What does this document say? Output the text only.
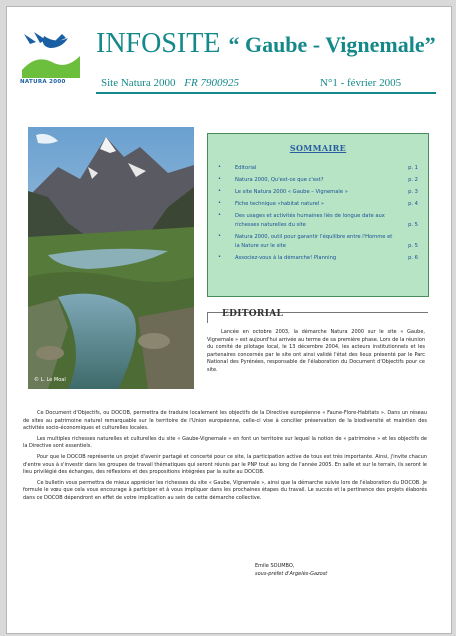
NATURA 2000
INFOSITE “ Gaube - Vignemale”
Site Natura 2000 FR 7900925	N°1 - février 2005
© L. Le Moal
SOMMAIRE
•	Editorial	p. 1
•	Natura 2000, Qu'est-ce que c'est?	p. 2
•	Le site Natura 2000 « Gaube – Vignemale »	p. 3
•	Fiche technique «habitat naturel »	p. 4
•	Des usages et activités humaines liés de longue date aux richesses naturelles du site	p. 5
•	Natura 2000, outil pour garantir l'équilibre entre l'Homme et la Nature sur le site	p. 5
•	Associez-vous à la démarche! Planning	p. 6
EDITORIAL

Lancée en octobre 2003, la démarche Natura 2000 sur le site « Gaube, Vignemale » est aujourd'hui arrivée au terme de sa première phase. Lors de la réunion du comité de pilotage local, le 13 décembre 2004, les acteurs institutionnels et les partenaires concernés par le site ont ainsi validé l'état des lieux présenté par le Parc National des Pyrénées, responsable de l'élaboration du Document d'Objectifs pour ce site.

Ce Document d'Objectifs, ou DOCOB, permettra de traduire localement les objectifs de la Directive européenne « Faune-Flore-Habitats ». Dans un réseau de sites au patrimoine naturel remarquable sur le territoire de l'Union européenne, celle-ci vise à concilier préservation de la biodiversité et maintien des activités socio-économiques et culturelles locales.

Les multiples richesses naturelles et culturelles du site « Gaube-Vignemale » en font un territoire sur lequel la notion de « patrimoine » et les objectifs de la Directive sont essentiels.

Pour que le DOCOB représente un projet d'avenir partagé et concerté pour ce site, la participation active de tous est très importante. Ainsi, j'invite chacun d'entre vous à s'investir dans les groupes de travail thématiques qui seront réunis par le PNP tout au long de l'année 2005. En salle et sur le terrain, ils seront le lieu privilégié des échanges, des réflexions et des propositions intégrées par la suite au DOCOB.

Ce bulletin vous permettra de mieux apprécier les richesses du site « Gaube, Vignemale », ainsi que la démarche suivie lors de l'élaboration du DOCOB. Je formule le vœu que cela vous encourage à participer et à vous impliquer dans les prochaines étapes du travail. Le succès et la pertinence des projets élaborés dans ce DOCOB dépendront en effet de votre implication au sein de cette démarche collective.

Emile SOUMBO,
sous-préfet d'Argelès-Gazost
